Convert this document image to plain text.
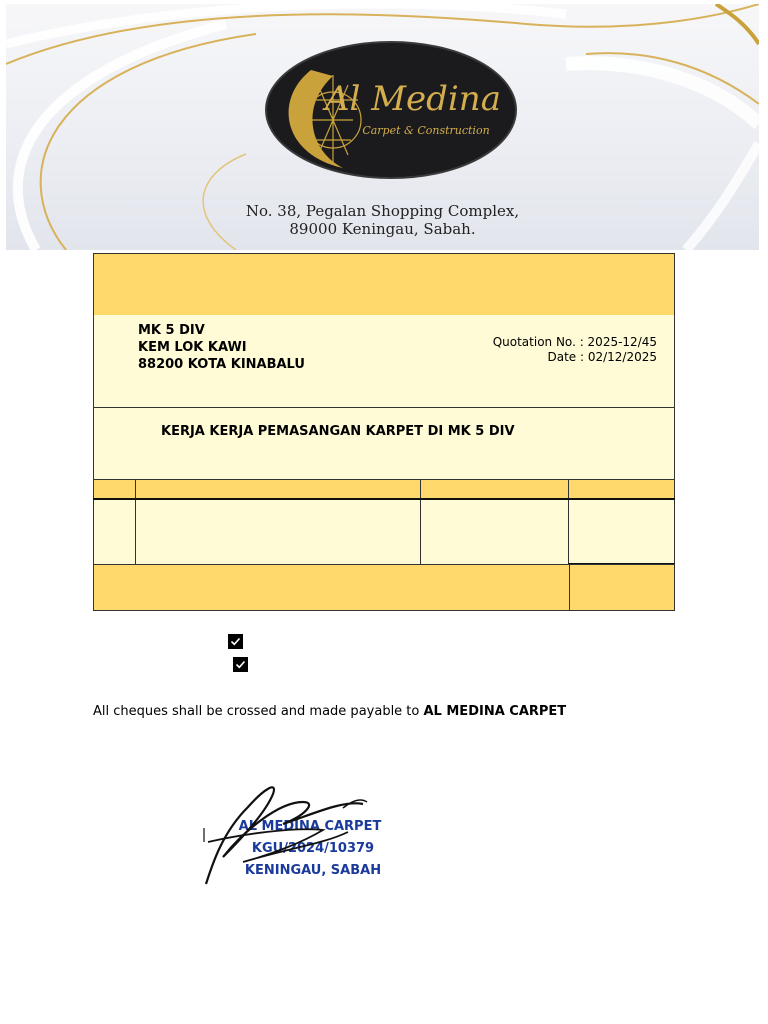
Al Medina
Carpet & Construction
No. 38, Pegalan Shopping Complex,
89000 Keningau, Sabah.
MK 5 DIV
KEM LOK KAWI
88200 KOTA KINABALU
Quotation No. : 2025-12/45
Date : 02/12/2025
KERJA KERJA PEMASANGAN KARPET DI MK 5 DIV
All cheques shall be crossed and made payable to AL MEDINA CARPET
AL MEDINA CARPET
KGU/2024/10379
KENINGAU, SABAH
